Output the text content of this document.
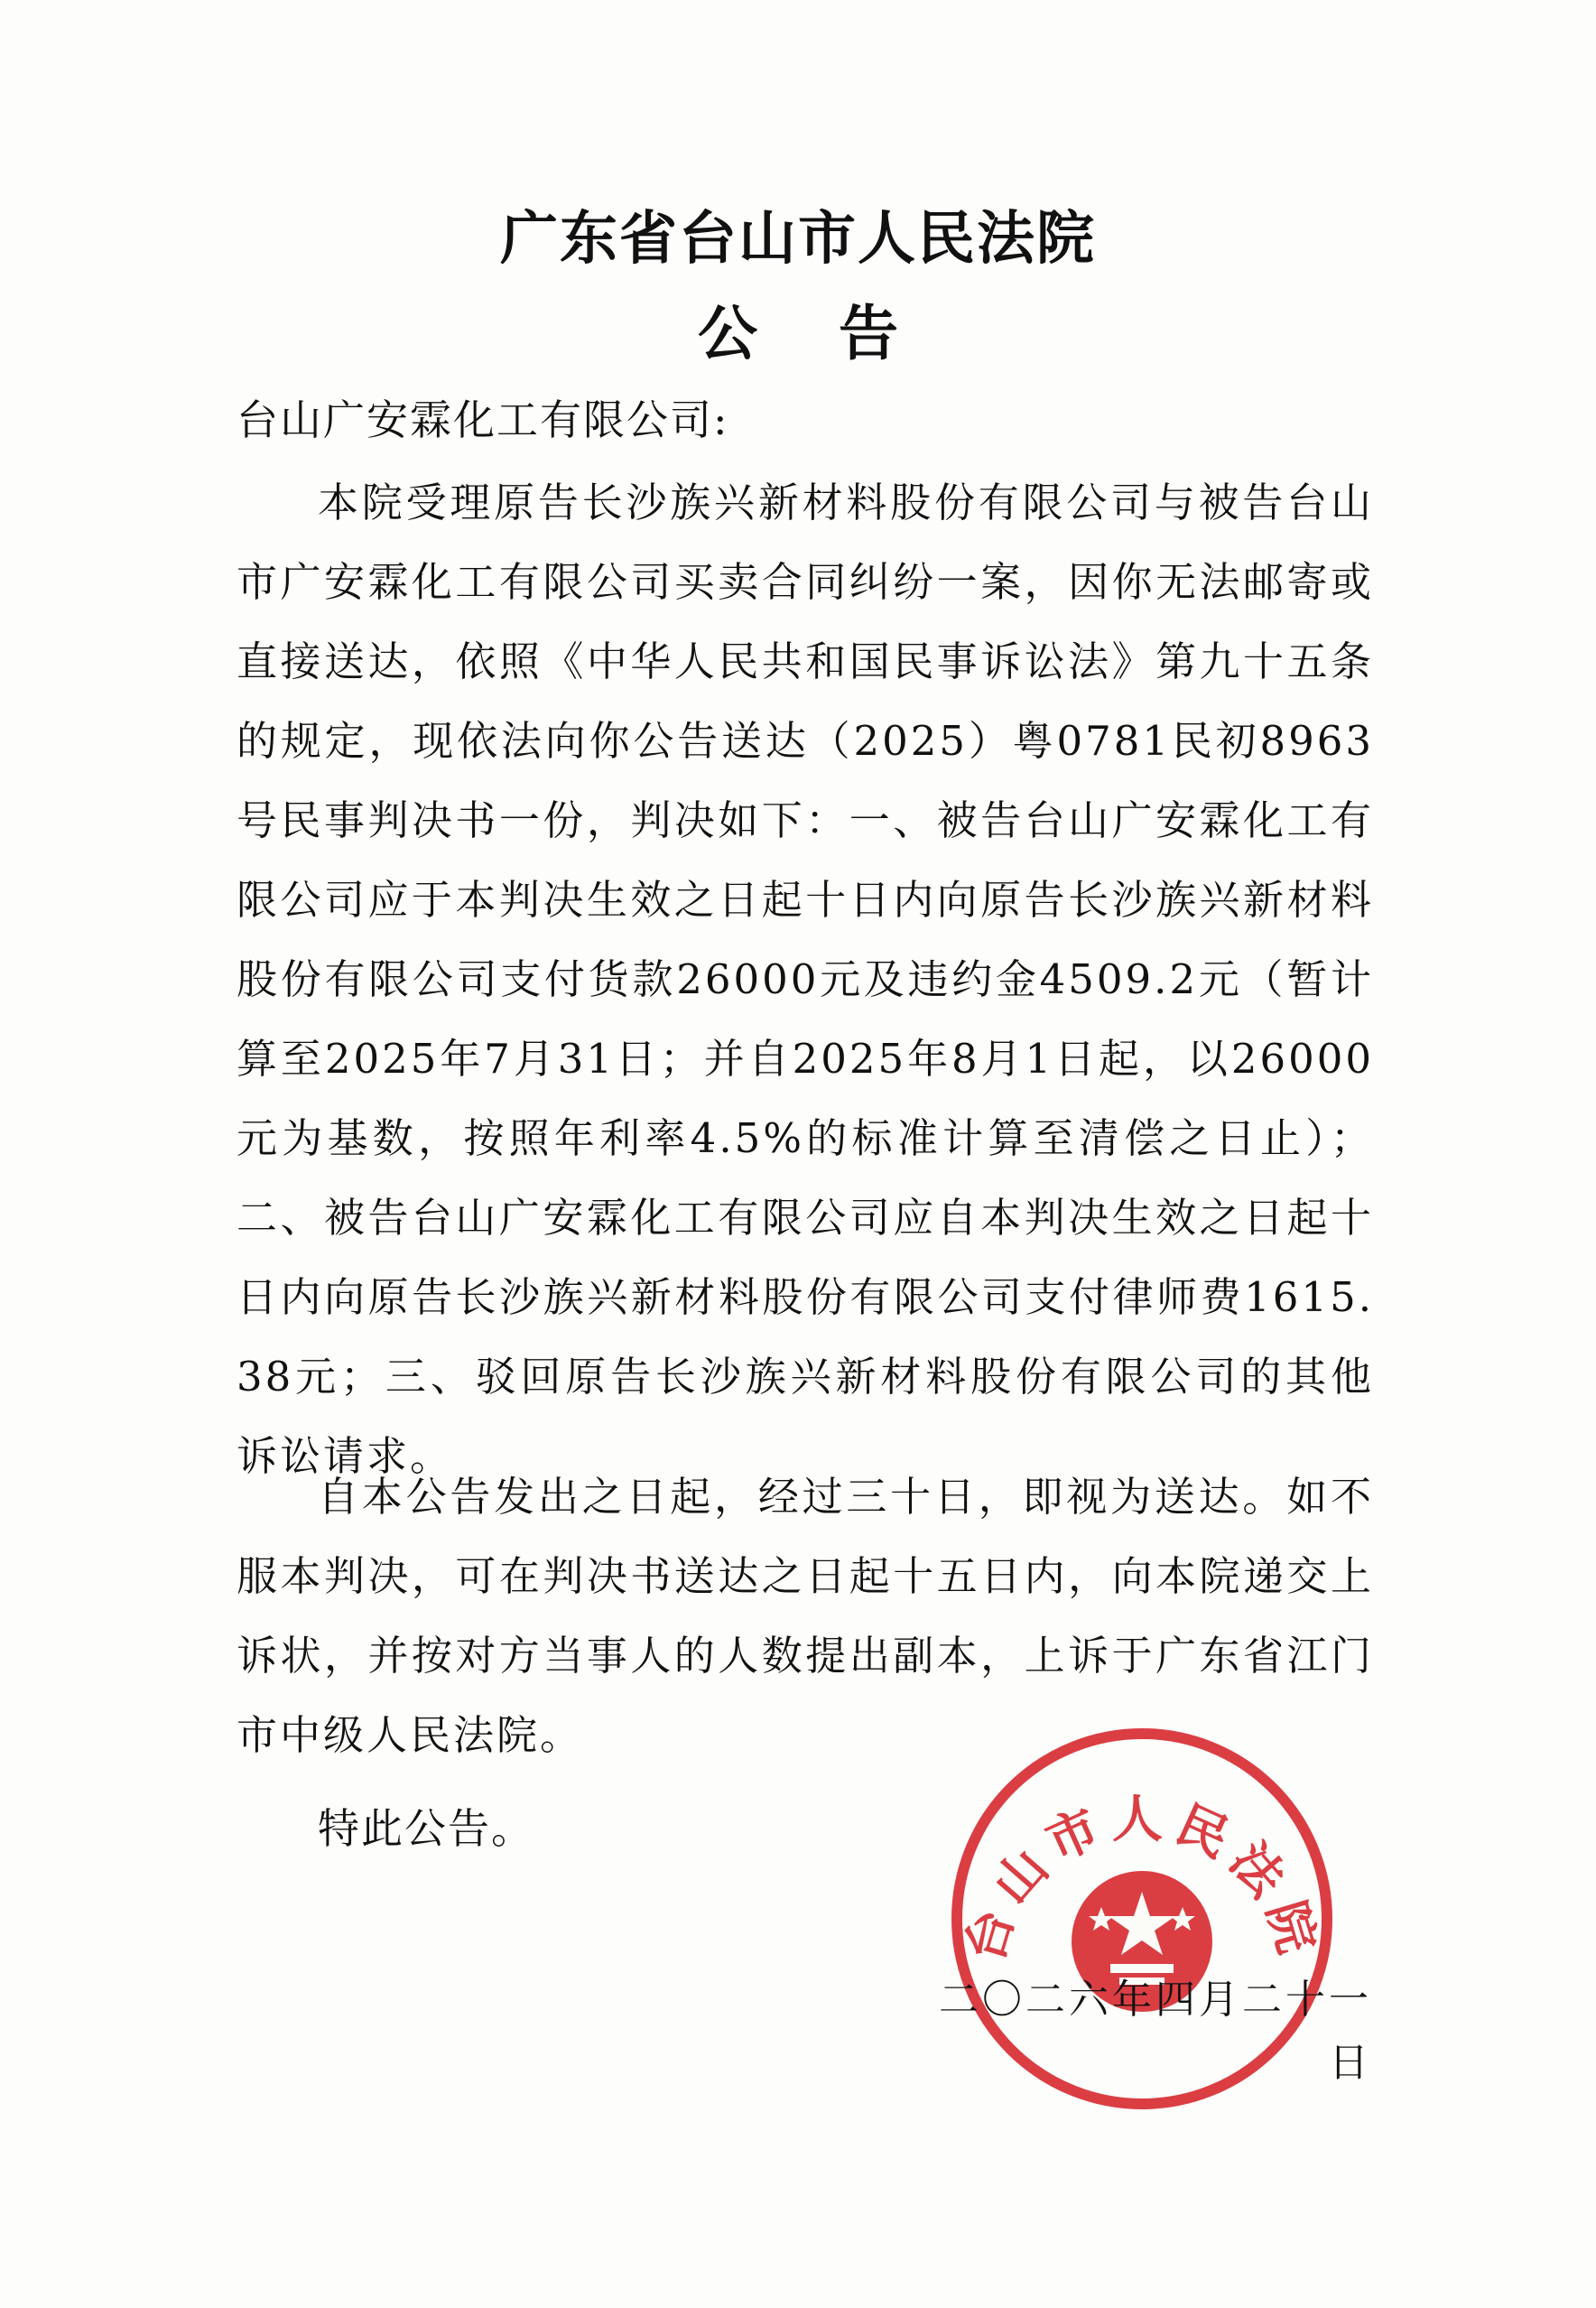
广东省台山市人民法院
公告
台山广安霖化工有限公司:

本院受理原告长沙族兴新材料股份有限公司与被告台山市广安霖化工有限公司买卖合同纠纷一案，因你无法邮寄或直接送达，依照《中华人民共和国民事诉讼法》第九十五条的规定，现依法向你公告送达（2025）粤0781民初8963号民事判决书一份，判决如下：一、被告台山广安霖化工有限公司应于本判决生效之日起十日内向原告长沙族兴新材料股份有限公司支付货款26000元及违约金4509.2元（暂计算至2025年7月31日；并自2025年8月1日起，以26000元为基数，按照年利率4.5%的标准计算至清偿之日止）；二、被告台山广安霖化工有限公司应自本判决生效之日起十日内向原告长沙族兴新材料股份有限公司支付律师费1615.38元；三、驳回原告长沙族兴新材料股份有限公司的其他诉讼请求。

自本公告发出之日起，经过三十日，即视为送达。如不服本判决，可在判决书送达之日起十五日内，向本院递交上诉状，并按对方当事人的人数提出副本，上诉于广东省江门市中级人民法院。

特此公告。
台山市人民法院
二〇二六年四月二十一日
